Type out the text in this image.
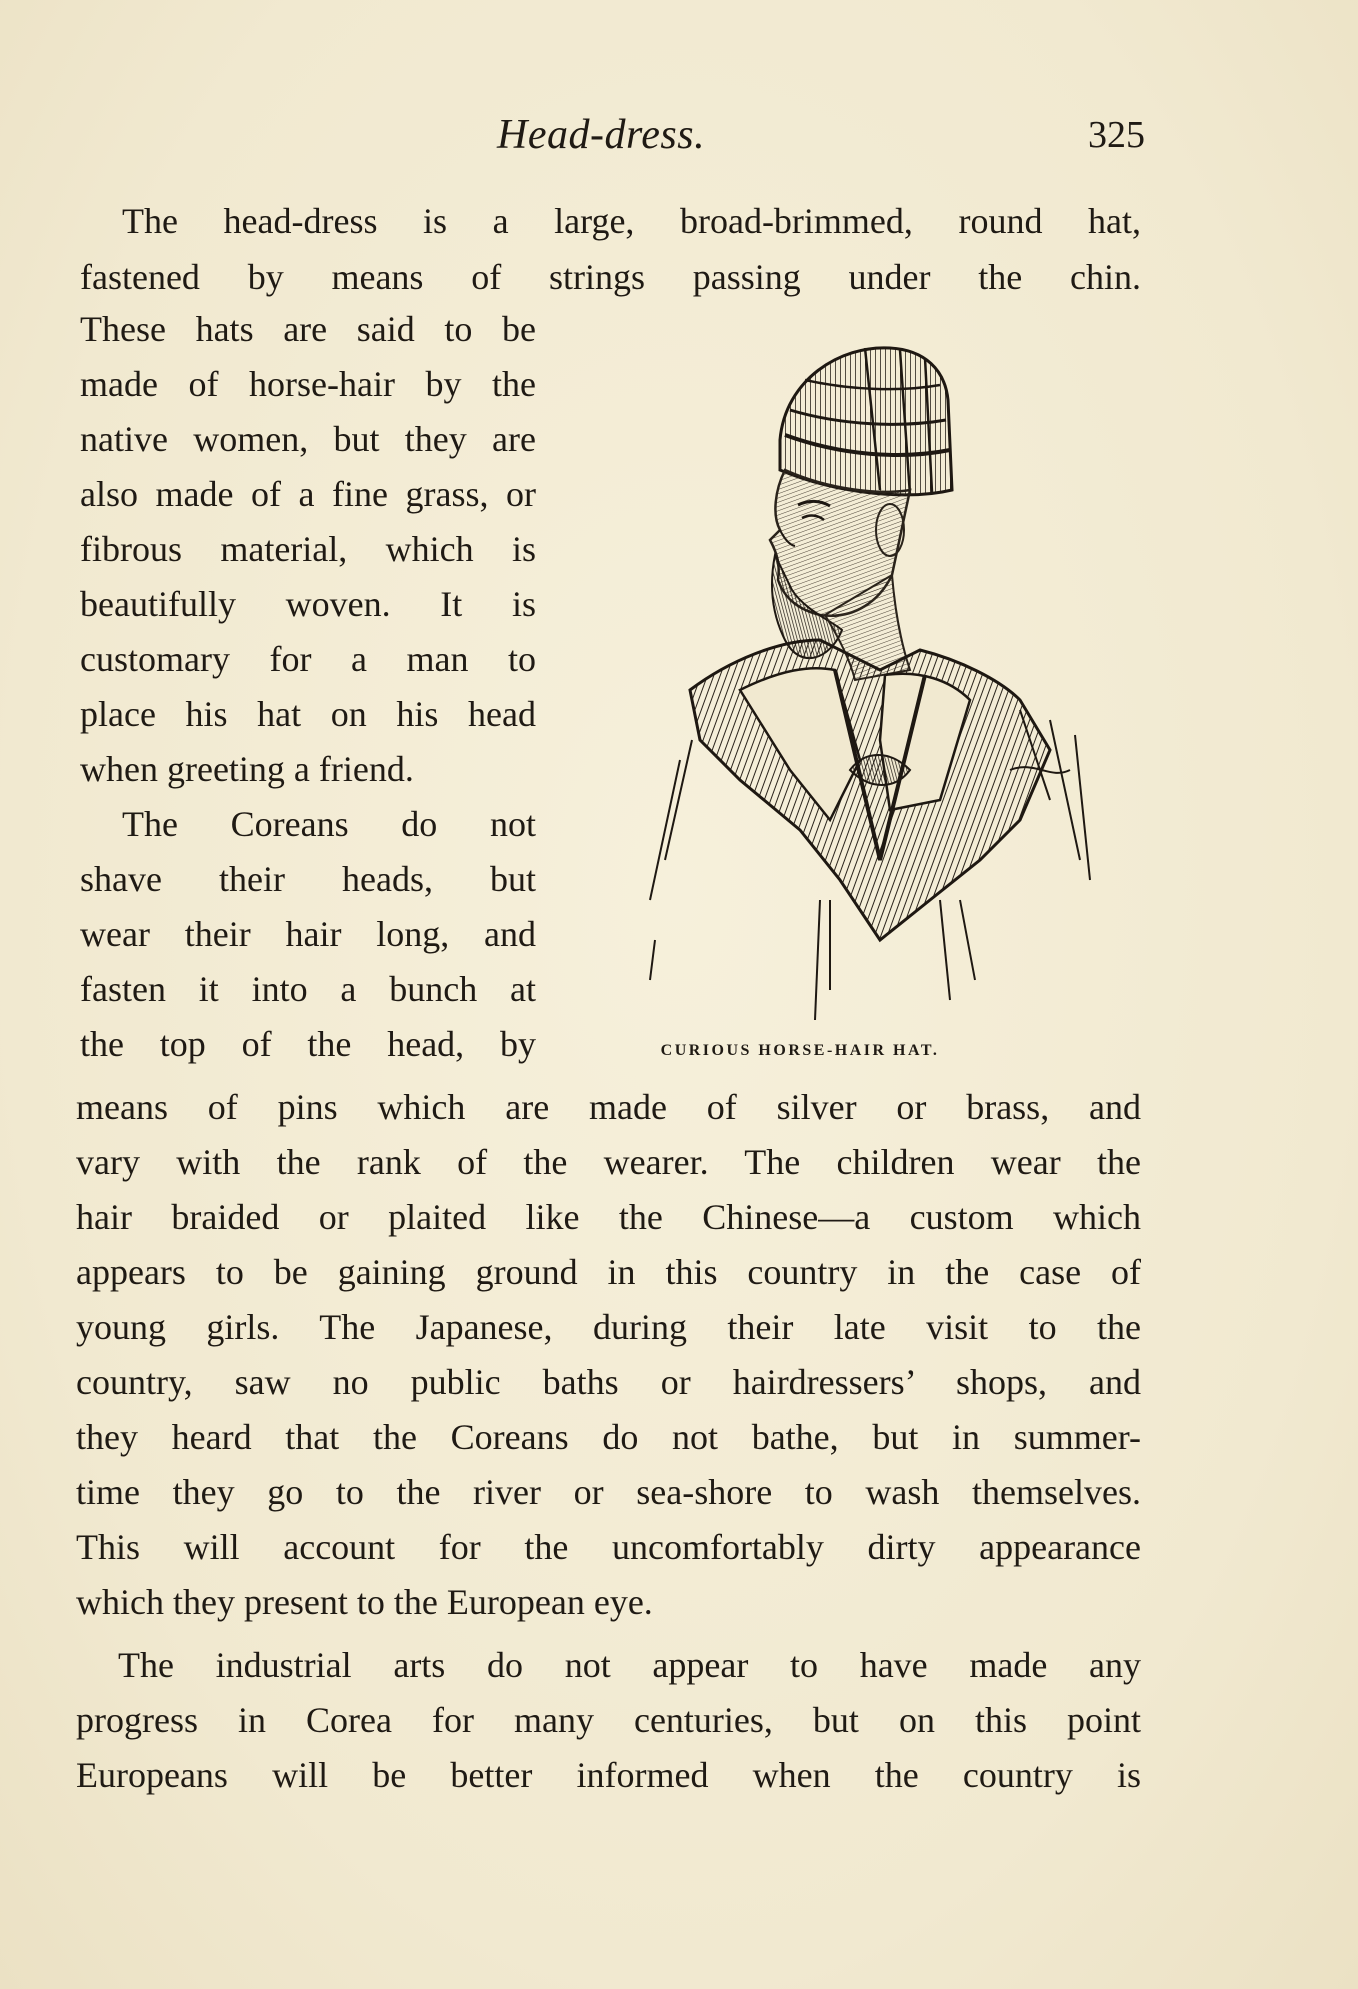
Head-dress.	325
The head-dress is a large, broad-brimmed, round hat,
fastened by means of strings passing under the chin.
These hats are said to be
made of horse-hair by the
native women, but they are
also made of a fine grass, or
fibrous material, which is
beautifully woven. It is
customary for a man to
place his hat on his head
when greeting a friend.
The Coreans do not
shave their heads, but
wear their hair long, and
fasten it into a bunch at
the top of the head, by	CURIOUS HORSE-HAIR HAT.
means of pins which are made of silver or brass, and
vary with the rank of the wearer. The children wear the
hair braided or plaited like the Chinese—a custom which
appears to be gaining ground in this country in the case of
young girls. The Japanese, during their late visit to the
country, saw no public baths or hairdressers’ shops, and
they heard that the Coreans do not bathe, but in summer-
time they go to the river or sea-shore to wash themselves.
This will account for the uncomfortably dirty appearance
which they present to the European eye.
The industrial arts do not appear to have made any
progress in Corea for many centuries, but on this point
Europeans will be better informed when the country is
